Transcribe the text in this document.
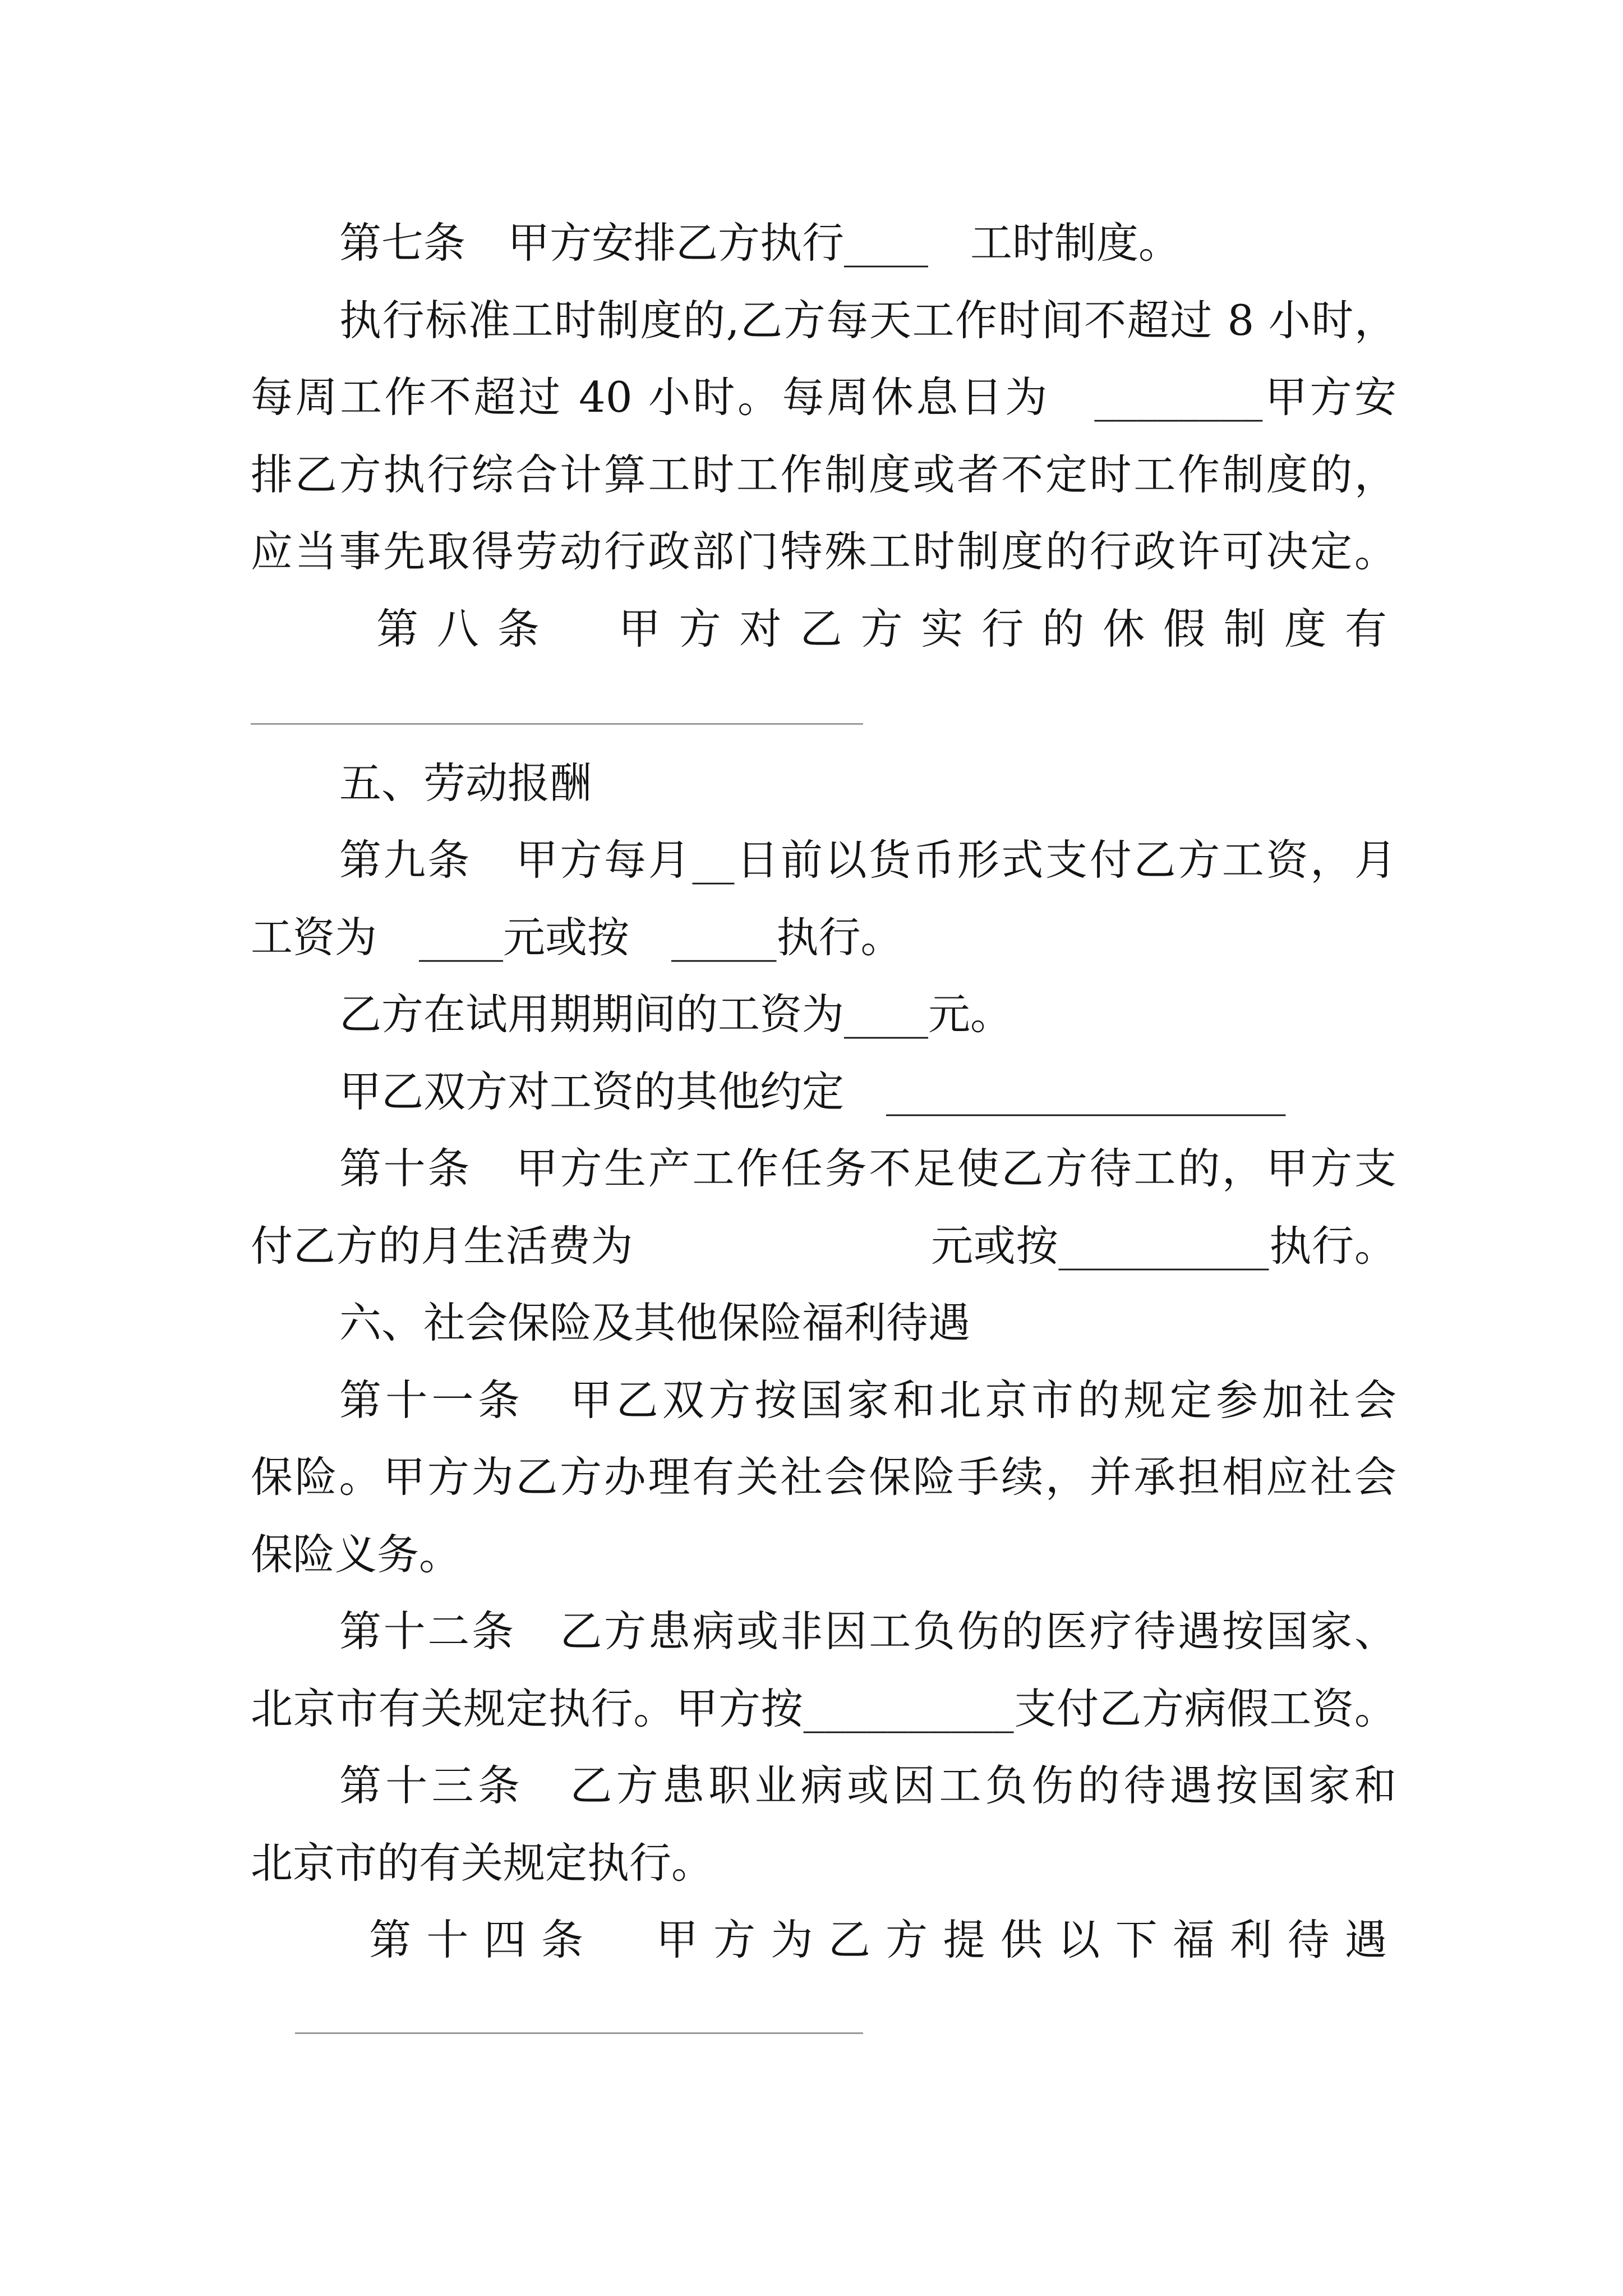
第七条　甲方安排乙方执行____　工时制度。
执行标准工时制度的,乙方每天工作时间不超过 8 小时，
每周工作不超过 40 小时。每周休息日为　________甲方安
排乙方执行综合计算工时工作制度或者不定时工作制度的，
应当事先取得劳动行政部门特殊工时制度的行政许可决定。
第八条　甲方对乙方实行的休假制度有
五、劳动报酬
第九条　甲方每月__日前以货币形式支付乙方工资，月
工资为　____元或按　_____执行。
乙方在试用期期间的工资为____元。
甲乙双方对工资的其他约定　___________________
第十条　甲方生产工作任务不足使乙方待工的，甲方支
付乙方的月生活费为　　　　　　　元或按__________执行。
六、社会保险及其他保险福利待遇
第十一条　甲乙双方按国家和北京市的规定参加社会
保险。甲方为乙方办理有关社会保险手续，并承担相应社会
保险义务。
第十二条　乙方患病或非因工负伤的医疗待遇按国家、
北京市有关规定执行。甲方按__________支付乙方病假工资。
第十三条　乙方患职业病或因工负伤的待遇按国家和
北京市的有关规定执行。
第十四条　甲方为乙方提供以下福利待遇
